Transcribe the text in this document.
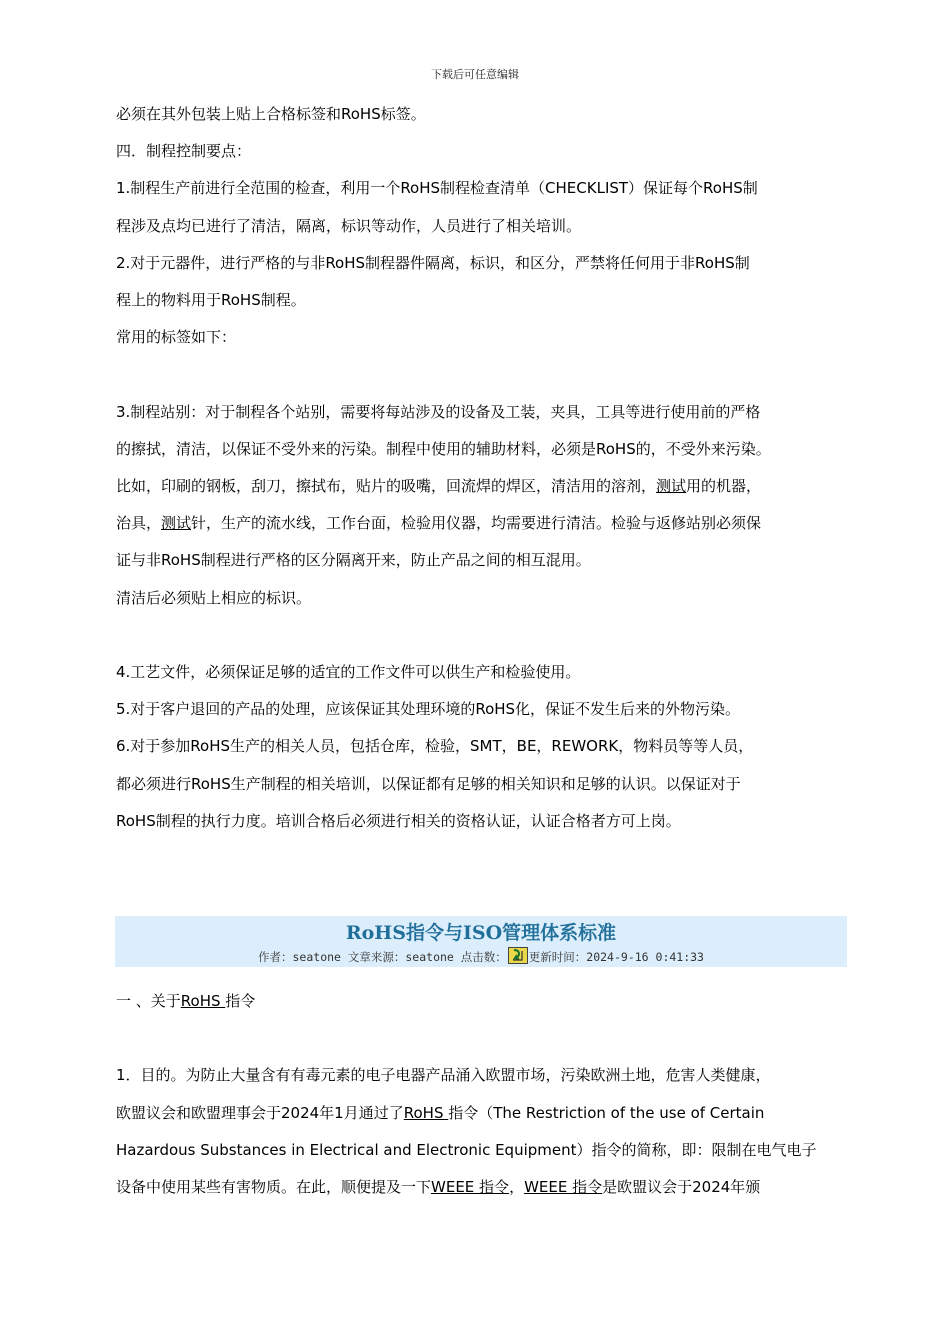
下载后可任意编辑

必须在其外包装上贴上合格标签和RoHS标签。

四．制程控制要点：

1.制程生产前进行全范围的检查，利用一个RoHS制程检查清单（CHECKLIST）保证每个RoHS制

程涉及点均已进行了清洁，隔离，标识等动作，人员进行了相关培训。

2.对于元器件，进行严格的与非RoHS制程器件隔离，标识，和区分，严禁将任何用于非RoHS制

程上的物料用于RoHS制程。

常用的标签如下：

3.制程站别：对于制程各个站别，需要将每站涉及的设备及工装，夹具，工具等进行使用前的严格

的擦拭，清洁，以保证不受外来的污染。制程中使用的辅助材料，必须是RoHS的，不受外来污染。

比如，印刷的钢板，刮刀，擦拭布，贴片的吸嘴，回流焊的焊区，清洁用的溶剂，测试用的机器，

治具，测试针，生产的流水线，工作台面，检验用仪器，均需要进行清洁。检验与返修站别必须保

证与非RoHS制程进行严格的区分隔离开来，防止产品之间的相互混用。

清洁后必须贴上相应的标识。

4.工艺文件，必须保证足够的适宜的工作文件可以供生产和检验使用。

5.对于客户退回的产品的处理，应该保证其处理环境的RoHS化，保证不发生后来的外物污染。

6.对于参加RoHS生产的相关人员，包括仓库，检验，SMT，BE，REWORK，物料员等等人员，

都必须进行RoHS生产制程的相关培训，以保证都有足够的相关知识和足够的认识。以保证对于

RoHS制程的执行力度。培训合格后必须进行相关的资格认证，认证合格者方可上岗。

RoHS指令与ISO管理体系标准
作者：seatone 文章来源：seatone 点击数： 更新时间：2024-9-16 0:41:33

一 、关于RoHS 指令

1．目的。为防止大量含有有毒元素的电子电器产品涌入欧盟市场，污染欧洲土地，危害人类健康，

欧盟议会和欧盟理事会于2024年1月通过了RoHS 指令（The Restriction of the use of Certain

Hazardous Substances in Electrical and Electronic Equipment）指令的简称，即：限制在电气电子

设备中使用某些有害物质。在此，顺便提及一下WEEE 指令，WEEE 指令是欧盟议会于2024年颁
